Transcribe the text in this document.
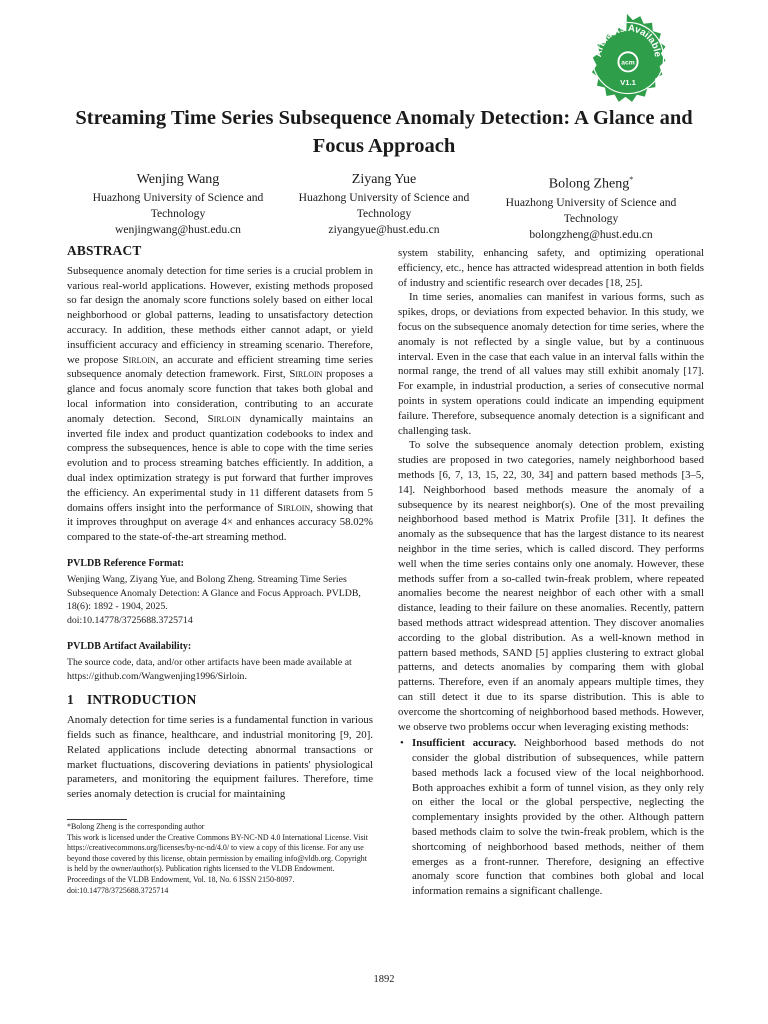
Artifacts Available
acm
V1.1
Streaming Time Series Subsequence Anomaly Detection: A Glance and Focus Approach
Wenjing Wang
Huazhong University of Science and Technology
wenjingwang@hust.edu.cn
Ziyang Yue
Huazhong University of Science and Technology
ziyangyue@hust.edu.cn
Bolong Zheng*
Huazhong University of Science and Technology
bolongzheng@hust.edu.cn
ABSTRACT

Subsequence anomaly detection for time series is a crucial problem in various real-world applications. However, existing methods proposed so far design the anomaly score functions solely based on either local neighborhood or global patterns, leading to unsatisfactory detection accuracy. In addition, these methods either cannot adapt, or yield insufficient accuracy and efficiency in streaming scenario. Therefore, we propose Sirloin, an accurate and efficient streaming time series subsequence anomaly detection framework. First, Sirloin proposes a glance and focus anomaly score function that takes both global and local information into consideration, contributing to an accurate anomaly detection. Second, Sirloin dynamically maintains an inverted file index and product quantization codebooks to index and compress the subsequences, hence is able to cope with the time series evolution and to process streaming batches efficiently. In addition, a dual index optimization strategy is put forward that further improves the efficiency. An experimental study in 11 different datasets from 5 domains offers insight into the performance of Sirloin, showing that it improves throughput on average 4× and enhances accuracy 58.02% compared to the state-of-the-art streaming method.

PVLDB Reference Format:

Wenjing Wang, Ziyang Yue, and Bolong Zheng. Streaming Time Series Subsequence Anomaly Detection: A Glance and Focus Approach. PVLDB, 18(6): 1892 - 1904, 2025.

doi:10.14778/3725688.3725714

PVLDB Artifact Availability:

The source code, data, and/or other artifacts have been made available at https://github.com/Wangwenjing1996/Sirloin.

1 INTRODUCTION

Anomaly detection for time series is a fundamental function in various fields such as finance, healthcare, and industrial monitoring [9, 20]. Related applications include detecting abnormal transactions or market fluctuations, discovering deviations in patients' physiological parameters, and monitoring the equipment failures. Therefore, time series anomaly detection is crucial for maintaining

system stability, enhancing safety, and optimizing operational efficiency, etc., hence has attracted widespread attention in both fields of industry and scientific research over decades [18, 25].

In time series, anomalies can manifest in various forms, such as spikes, drops, or deviations from expected behavior. In this study, we focus on the subsequence anomaly detection for time series, where the anomaly is not reflected by a single value, but by a continuous interval. Even in the case that each value in an interval falls within the normal range, the trend of all values may still exhibit anomaly [17]. For example, in industrial production, a series of consecutive normal points in system operations could indicate an impending equipment failure. Therefore, subsequence anomaly detection is a significant and challenging task.

To solve the subsequence anomaly detection problem, existing studies are proposed in two categories, namely neighborhood based methods [6, 7, 13, 15, 22, 30, 34] and pattern based methods [3–5, 14]. Neighborhood based methods measure the anomaly of a subsequence by its nearest neighbor(s). One of the most prevailing neighborhood based method is Matrix Profile [31]. It defines the anomaly as the subsequence that has the largest distance to its nearest neighbor in the time series, which is called discord. They performs well when the time series contains only one anomaly. However, these methods suffer from a so-called twin-freak problem, where repeated anomalies become the nearest neighbor of each other with a small distance, leading to their failure on these anomalies. Recently, pattern based methods attract widespread attention. They discover anomalies according to the global distribution. As a well-known method in pattern based methods, SAND [5] applies clustering to extract global patterns, and detects anomalies by comparing them with global patterns. Therefore, even if an anomaly appears multiple times, they can still detect it due to its sparse distribution. This is able to overcome the shortcoming of neighborhood based methods. However, we observe two problems occur when leveraging existing methods:

• Insufficient accuracy. Neighborhood based methods do not consider the global distribution of subsequences, while pattern based methods lack a focused view of the local neighborhood. Both approaches exhibit a form of tunnel vision, as they only rely on either the local or the global perspective, neglecting the complementary insights provided by the other. Although pattern based methods claim to solve the twin-freak problem, which is the shortcoming of neighborhood based methods, neither of them emerges as a front-runner. Therefore, designing an effective anomaly score function that combines both global and local information remains a significant challenge.

*Bolong Zheng is the corresponding author

This work is licensed under the Creative Commons BY-NC-ND 4.0 International License. Visit https://creativecommons.org/licenses/by-nc-nd/4.0/ to view a copy of this license. For any use beyond those covered by this license, obtain permission by emailing info@vldb.org. Copyright is held by the owner/author(s). Publication rights licensed to the VLDB Endowment.

Proceedings of the VLDB Endowment, Vol. 18, No. 6 ISSN 2150-8097.

doi:10.14778/3725688.3725714

1892
